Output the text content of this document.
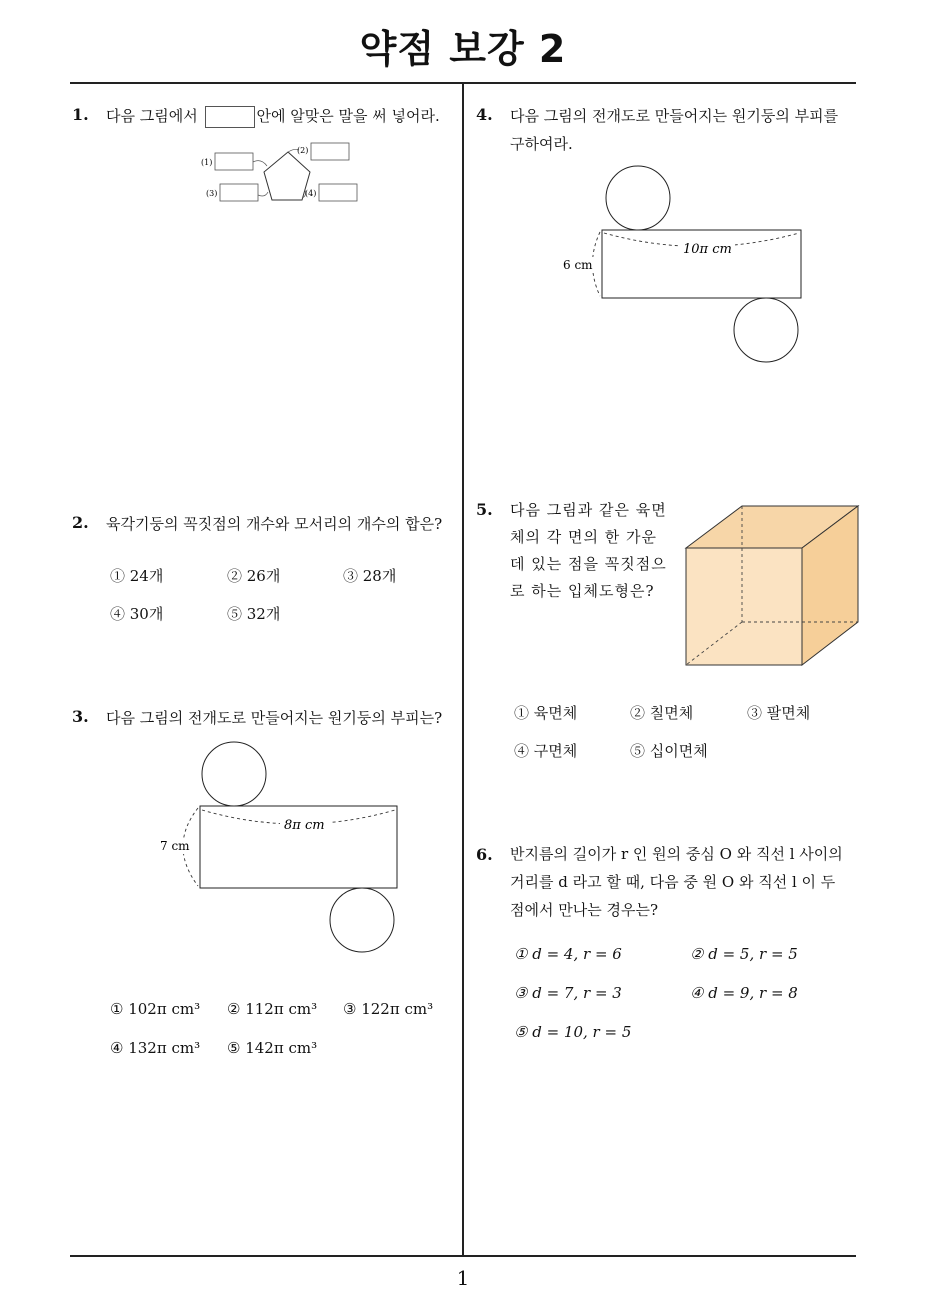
약점 보강 2
1
1. 다음 그림에서	안에 알맞은 말을 써 넣어라.
(1)
(2)
(3)	(4)
2. 육각기둥의 꼭짓점의 개수와 모서리의 개수의 합은?
① 24개	② 26개	③ 28개
④ 30개	⑤ 32개
3. 다음 그림의 전개도로 만들어지는 원기둥의 부피는?
8π cm
7 cm
① 102π cm³ ② 112π cm³ ③ 122π cm³
④ 132π cm³ ⑤ 142π cm³
4. 다음 그림의 전개도로 만들어지는 원기둥의 부피를
구하여라.
10π cm
6 cm
5. 다음 그림과 같은 육면
체의 각 면의 한 가운
데 있는 점을 꼭짓점으
로 하는 입체도형은?
① 육면체	② 칠면체	③ 팔면체
④ 구면체	⑤ 십이면체
6. 반지름의 길이가 r 인 원의 중심 O 와 직선 l 사이의
거리를 d 라고 할 때, 다음 중 원 O 와 직선 l 이 두
점에서 만나는 경우는?
① d = 4, r = 6	② d = 5, r = 5
③ d = 7, r = 3	④ d = 9, r = 8
⑤ d = 10, r = 5
